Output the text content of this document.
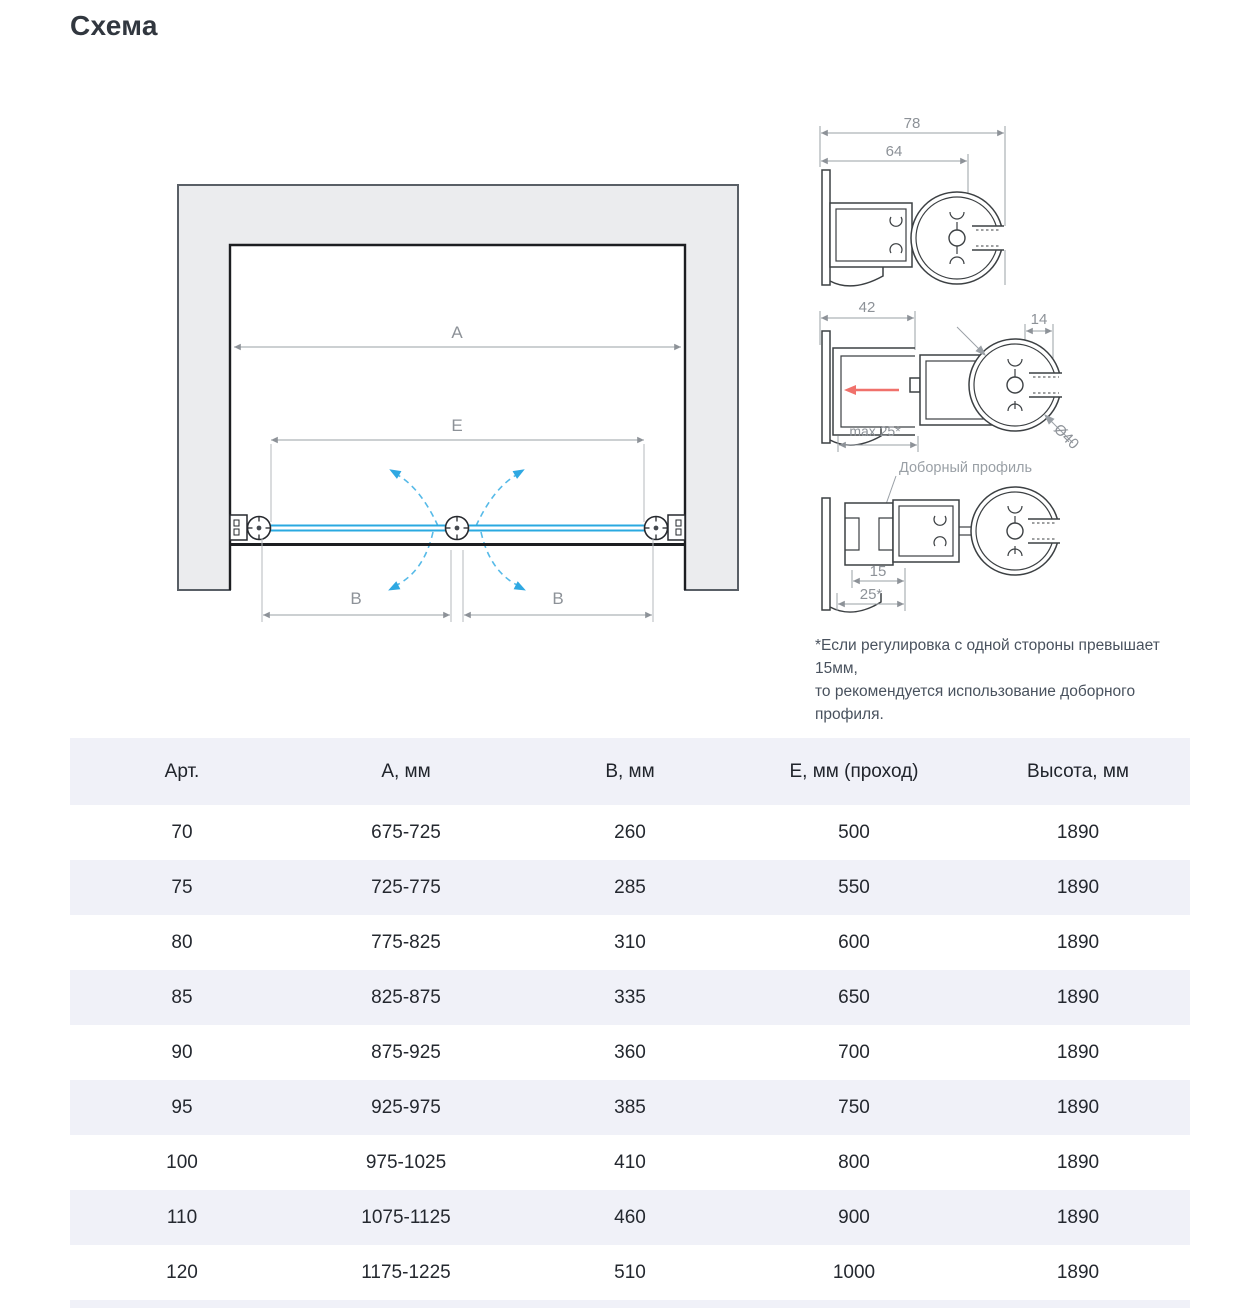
Схема
A
E
B	B
78
64
42
14
Ø40
max 25*
Доборный профиль
15
25*
*Если регулировка с одной стороны превышает 15мм,
то рекомендуется использование доборного профиля.
Арт.	А, мм	В, мм	Е, мм (проход)	Высота, мм
70	675-725	260	500	1890
75	725-775	285	550	1890
80	775-825	310	600	1890
85	825-875	335	650	1890
90	875-925	360	700	1890
95	925-975	385	750	1890
100	975-1025	410	800	1890
110	1075-1125	460	900	1890
120	1175-1225	510	1000	1890
